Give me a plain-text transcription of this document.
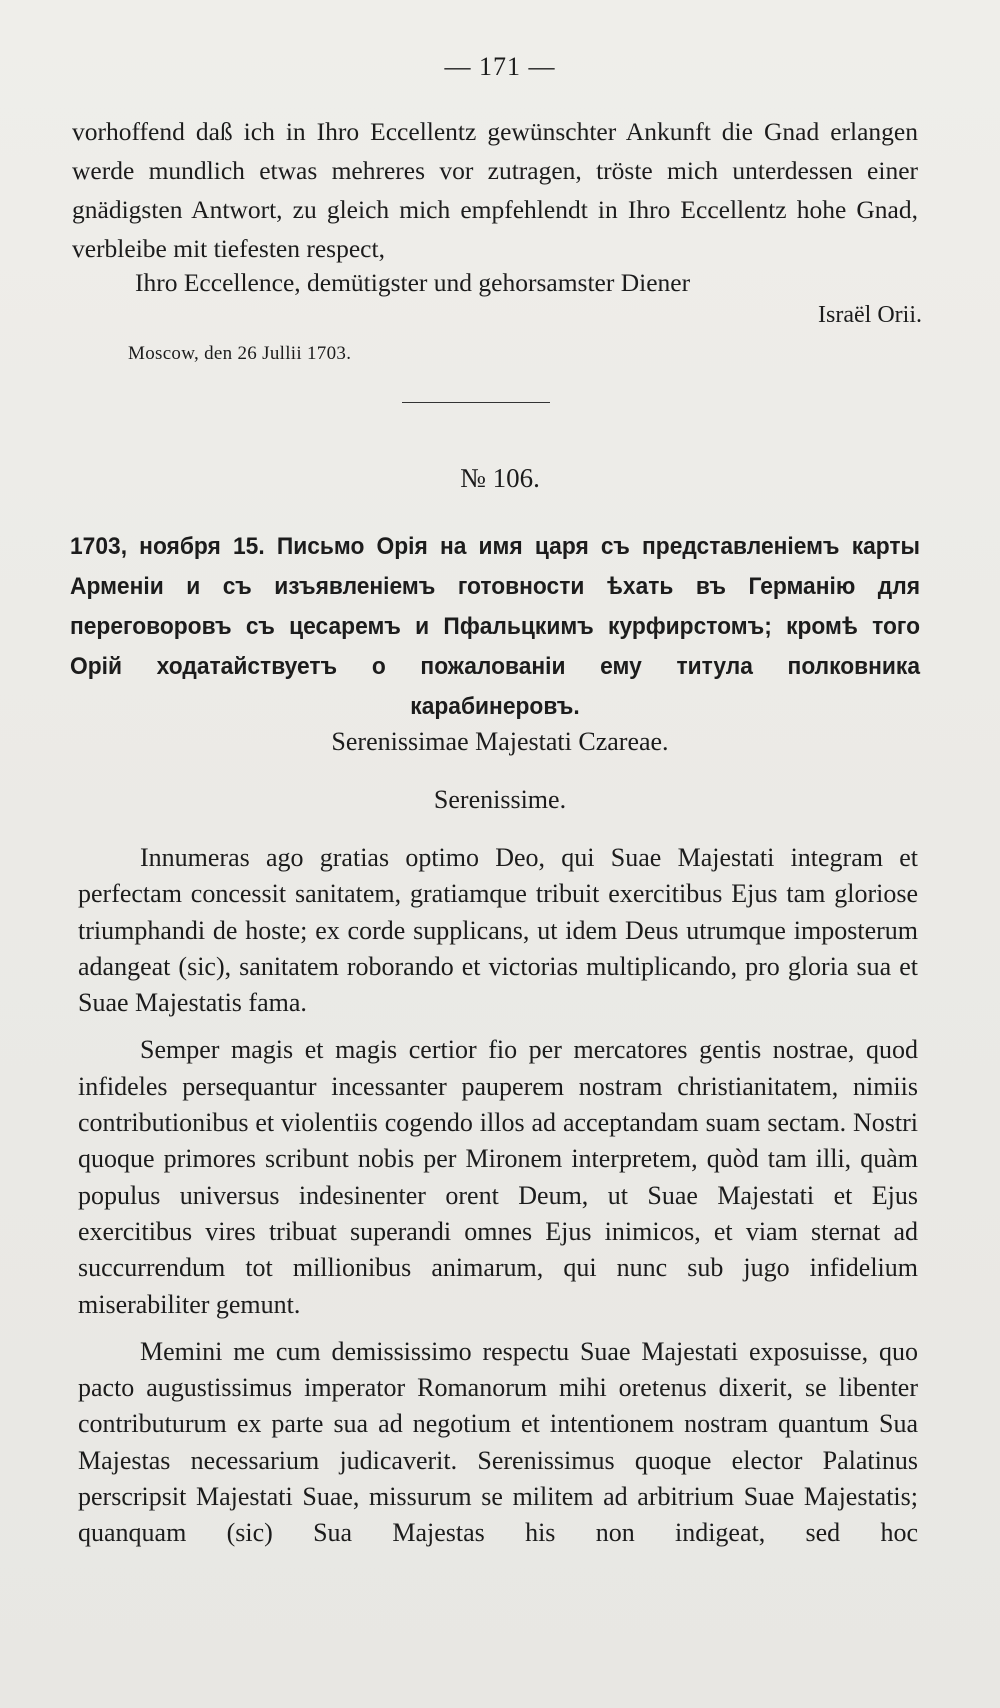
— 171 —
vorhoffend daß ich in Ihro Eccellentz gewünschter Ankunft die Gnad erlangen werde mundlich etwas mehreres vor zutragen, tröste mich unterdessen einer gnädigsten Antwort, zu gleich mich empfehlendt in Ihro Eccellentz hohe Gnad, verbleibe mit tiefesten respect,
Ihro Eccellence, demütigster und gehorsamster Diener
Israël Orii.
Moscow, den 26 Jullii 1703.
№ 106.
1703, ноября 15. Письмо Орія на имя царя съ представленіемъ карты Арменіи и съ изъявленіемъ готовности ѣхать въ Германію для переговоровъ съ цесаремъ и Пфальцкимъ курфирстомъ; кромѣ того Орій ходатайствуетъ о пожалованіи ему титула полковника карабинеровъ.
Serenissimae Majestati Czareae.
Serenissime.

Innumeras ago gratias optimo Deo, qui Suae Majestati integram et perfectam concessit sanitatem, gratiamque tribuit exercitibus Ejus tam gloriose triumphandi de hoste; ex corde supplicans, ut idem Deus utrumque imposterum adangeat (sic), sanitatem roborando et victorias multiplicando, pro gloria sua et Suae Majestatis fama.

Semper magis et magis certior fio per mercatores gentis nostrae, quod infideles persequantur incessanter pauperem nostram christianitatem, nimiis contributionibus et violentiis cogendo illos ad acceptandam suam sectam. Nostri quoque primores scribunt nobis per Mironem interpretem, quòd tam illi, quàm populus universus indesinenter orent Deum, ut Suae Majestati et Ejus exercitibus vires tribuat superandi omnes Ejus inimicos, et viam sternat ad succurrendum tot millionibus animarum, qui nunc sub jugo infidelium miserabiliter gemunt.

Memini me cum demississimo respectu Suae Majestati exposuisse, quo pacto augustissimus imperator Romanorum mihi oretenus dixerit, se libenter contributurum ex parte sua ad negotium et intentionem nostram quantum Sua Majestas necessarium judicaverit. Serenissimus quoque elector Palatinus perscripsit Majestati Suae, missurum se militem ad arbitrium Suae Majestatis; quanquam (sic) Sua Majestas his non indigeat, sed hoc
